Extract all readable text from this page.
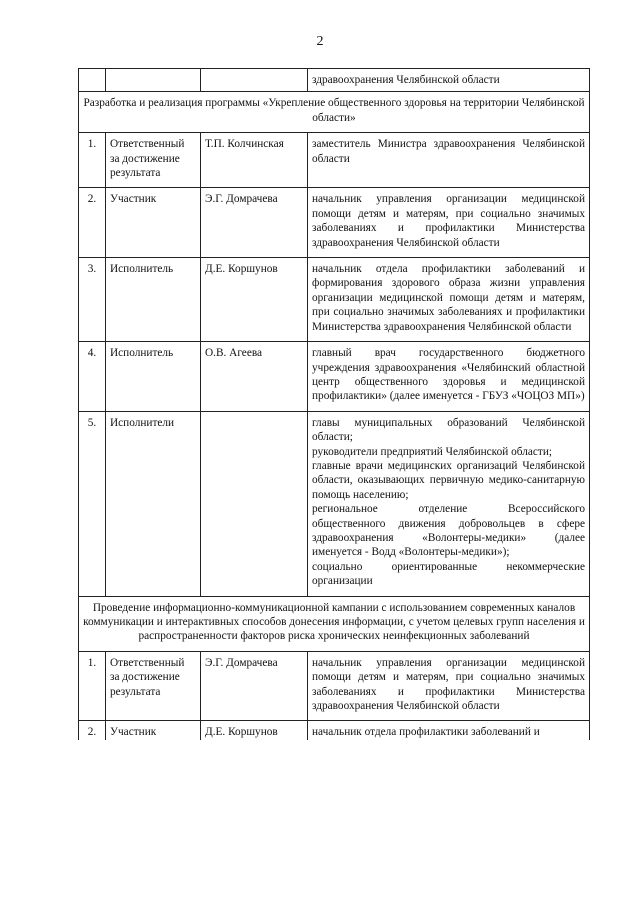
2
			здравоохранения Челябинской области
Разработка и реализация программы «Укрепление общественного здоровья на территории Челябинской области»			
1.	Ответственный за достижение результата	Т.П. Колчинская	заместитель Министра здравоохранения Челябинской области

2.	Участник	Э.Г. Домрачева	начальник управления организации медицинской помощи детям и матерям, при социально значимых заболеваниях и профилактики Министерства здравоохранения Челябинской области

3.	Исполнитель	Д.Е. Коршунов	начальник отдела профилактики заболеваний и формирования здорового образа жизни управления организации медицинской помощи детям и матерям, при социально значимых заболеваниях и профилактики Министерства здравоохранения Челябинской области

4.	Исполнитель	О.В. Агеева	главный врач государственного бюджетного учреждения здравоохранения «Челябинский областной центр общественного здоровья и медицинской профилактики» (далее именуется - ГБУЗ «ЧОЦОЗ МП»)

5.	Исполнители		главы муниципальных образований Челябинской области;

руководители предприятий Челябинской области;

главные врачи медицинских организаций Челябинской области, оказывающих первичную медико-санитарную помощь населению;

региональное отделение Всероссийского общественного движения добровольцев в сфере здравоохранения «Волонтеры-медики» (далее именуется - Водд «Волонтеры-медики»);

социально ориентированные некоммерческие организации

Проведение информационно-коммуникационной кампании с использованием современных каналов коммуникации и интерактивных способов донесения информации, с учетом целевых групп населения и распространенности факторов риска хронических неинфекционных заболеваний			
1.	Ответственный за достижение результата	Э.Г. Домрачева	начальник управления организации медицинской помощи детям и матерям, при социально значимых заболеваниях и профилактики Министерства здравоохранения Челябинской области

2.	Участник	Д.Е. Коршунов	начальник отдела профилактики заболеваний и
